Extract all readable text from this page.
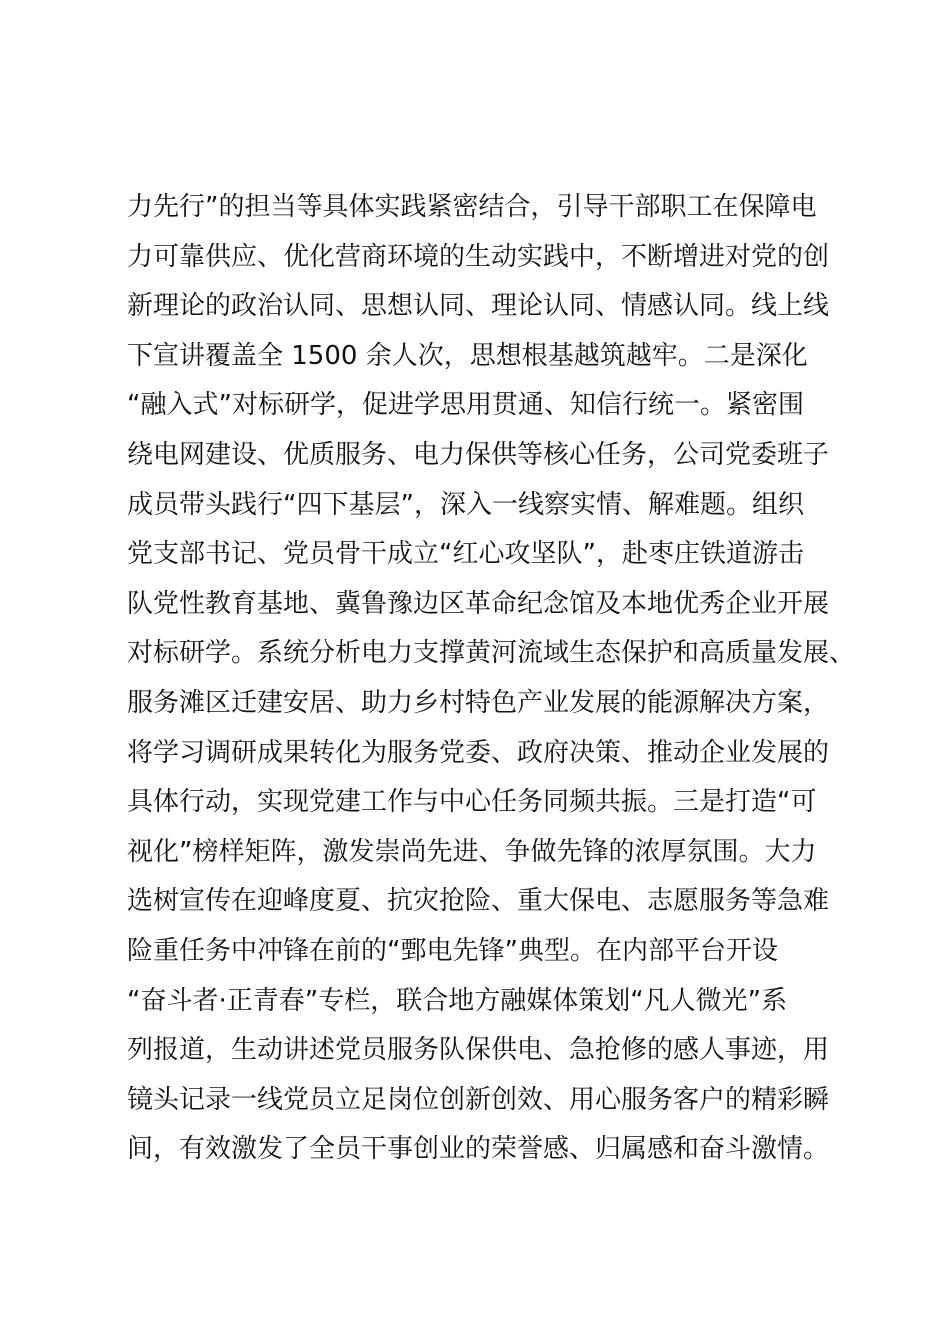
力先行”的担当等具体实践紧密结合，引导干部职工在保障电
力可靠供应、优化营商环境的生动实践中，不断增进对党的创
新理论的政治认同、思想认同、理论认同、情感认同。线上线
下宣讲覆盖全 1500 余人次，思想根基越筑越牢。二是深化
“融入式”对标研学，促进学思用贯通、知信行统一。紧密围
绕电网建设、优质服务、电力保供等核心任务，公司党委班子
成员带头践行“四下基层”，深入一线察实情、解难题。组织
党支部书记、党员骨干成立“红心攻坚队”，赴枣庄铁道游击
队党性教育基地、冀鲁豫边区革命纪念馆及本地优秀企业开展
对标研学。系统分析电力支撑黄河流域生态保护和高质量发展、
服务滩区迁建安居、助力乡村特色产业发展的能源解决方案，
将学习调研成果转化为服务党委、政府决策、推动企业发展的
具体行动，实现党建工作与中心任务同频共振。三是打造“可
视化”榜样矩阵，激发崇尚先进、争做先锋的浓厚氛围。大力
选树宣传在迎峰度夏、抗灾抢险、重大保电、志愿服务等急难
险重任务中冲锋在前的“鄄电先锋”典型。在内部平台开设
“奋斗者·正青春”专栏，联合地方融媒体策划“凡人微光”系
列报道，生动讲述党员服务队保供电、急抢修的感人事迹，用
镜头记录一线党员立足岗位创新创效、用心服务客户的精彩瞬
间，有效激发了全员干事创业的荣誉感、归属感和奋斗激情。
